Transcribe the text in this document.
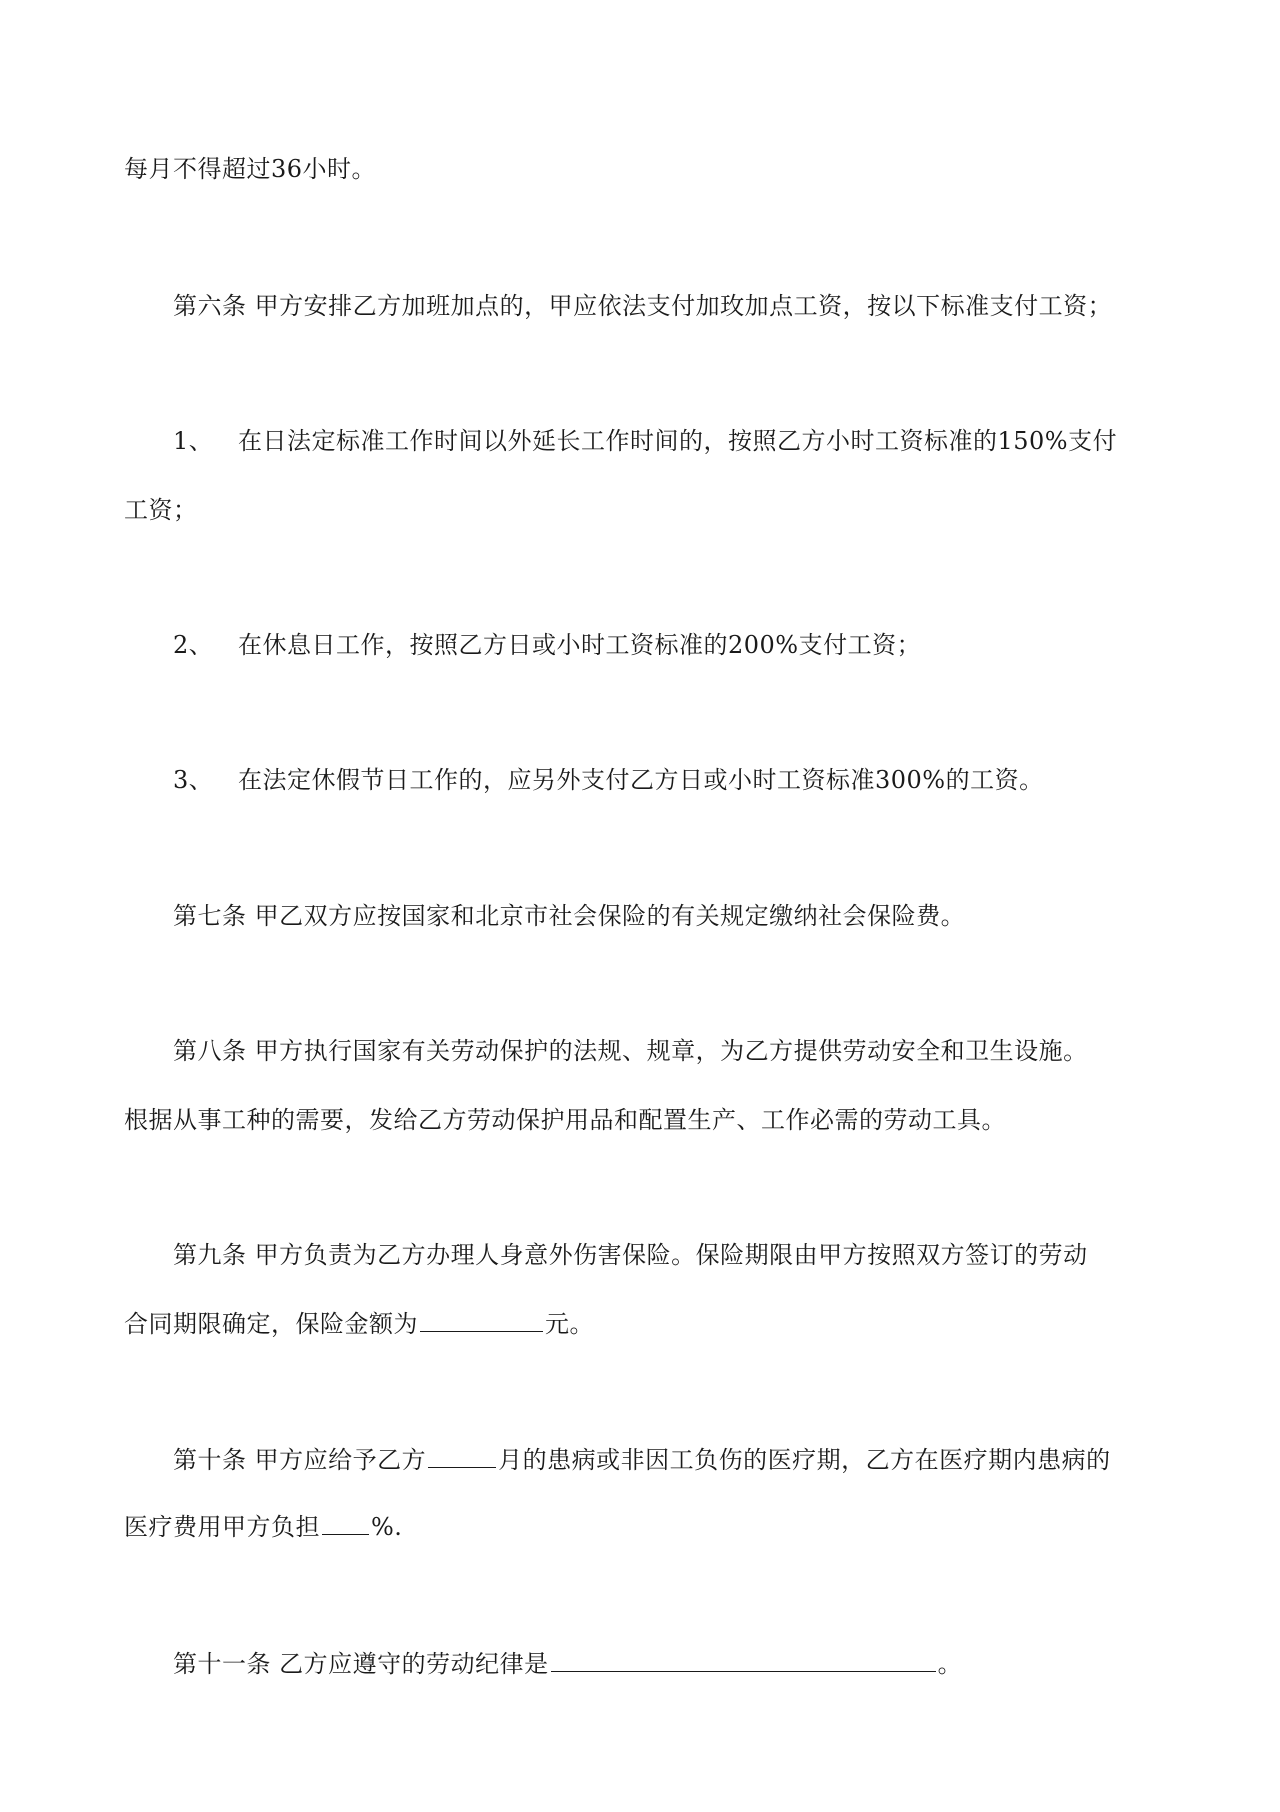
每月不得超过36小时。
第六条 甲方安排乙方加班加点的，甲应依法支付加玫加点工资，按以下标准支付工资；
1、 在日法定标准工作时间以外延长工作时间的，按照乙方小时工资标准的150%支付
工资；
2、 在休息日工作，按照乙方日或小时工资标准的200%支付工资；
3、 在法定休假节日工作的，应另外支付乙方日或小时工资标准300%的工资。
第七条 甲乙双方应按国家和北京市社会保险的有关规定缴纳社会保险费。
第八条 甲方执行国家有关劳动保护的法规、规章，为乙方提供劳动安全和卫生设施。
根据从事工种的需要，发给乙方劳动保护用品和配置生产、工作必需的劳动工具。
第九条 甲方负责为乙方办理人身意外伤害保险。保险期限由甲方按照双方签订的劳动
合同期限确定，保险金额为	元。
第十条 甲方应给予乙方	月的患病或非因工负伤的医疗期，乙方在医疗期内患病的
医疗费用甲方负担 %.
第十一条 乙方应遵守的劳动纪律是	。
